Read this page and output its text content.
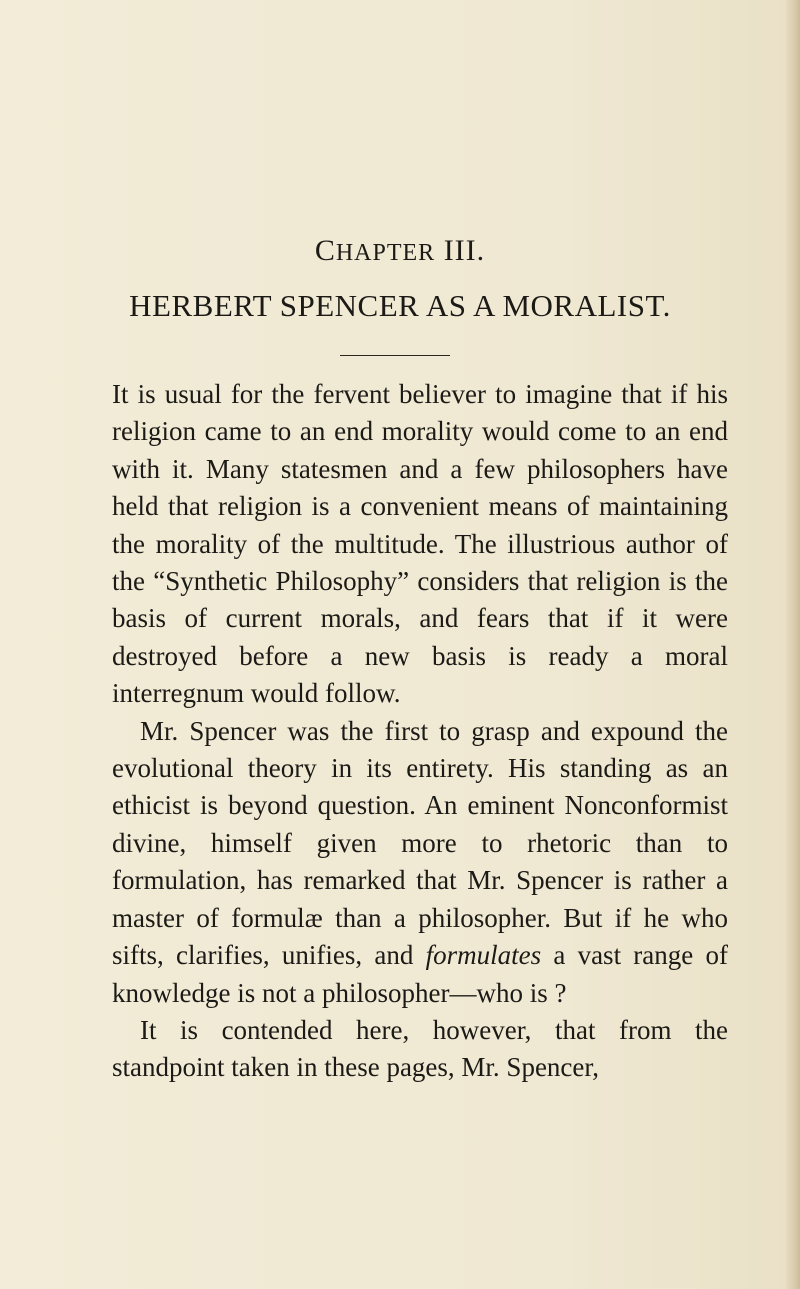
CHAPTER III.
HERBERT SPENCER AS A MORALIST.

It is usual for the fervent believer to imagine that if his religion came to an end morality would come to an end with it. Many statesmen and a few philosophers have held that religion is a convenient means of maintaining the morality of the multitude. The illustrious author of the “Synthetic Philosophy” considers that religion is the basis of current morals, and fears that if it were destroyed before a new basis is ready a moral interregnum would follow.

Mr. Spencer was the first to grasp and expound the evolutional theory in its entirety. His standing as an ethicist is beyond question. An eminent Nonconformist divine, himself given more to rhetoric than to formulation, has remarked that Mr. Spencer is rather a master of formulæ than a philosopher. But if he who sifts, clarifies, unifies, and formulates a vast range of knowledge is not a philosopher—who is ?

It is contended here, however, that from the standpoint taken in these pages, Mr. Spencer,
